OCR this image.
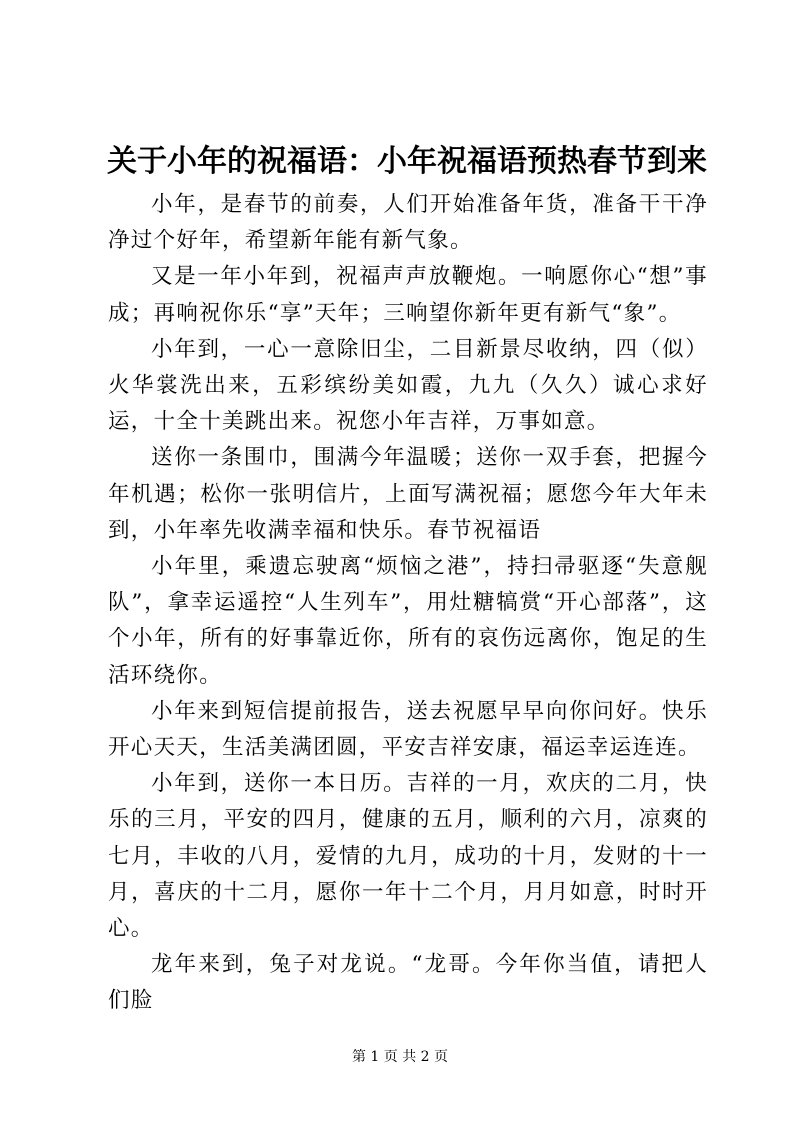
关于小年的祝福语：小年祝福语预热春节到来

小年，是春节的前奏，人们开始准备年货，准备干干净净过个好年，希望新年能有新气象。

又是一年小年到，祝福声声放鞭炮。一响愿你心“想”事成；再响祝你乐“享”天年；三响望你新年更有新气“象”。

小年到，一心一意除旧尘，二目新景尽收纳，四（似）火华裳洗出来，五彩缤纷美如霞，九九（久久）诚心求好运，十全十美跳出来。祝您小年吉祥，万事如意。

送你一条围巾，围满今年温暖；送你一双手套，把握今年机遇；松你一张明信片，上面写满祝福；愿您今年大年未到，小年率先收满幸福和快乐。春节祝福语

小年里，乘遗忘驶离“烦恼之港”，持扫帚驱逐“失意舰队”，拿幸运遥控“人生列车”，用灶糖犒赏“开心部落”，这个小年，所有的好事靠近你，所有的哀伤远离你，饱足的生活环绕你。

小年来到短信提前报告，送去祝愿早早向你问好。快乐开心天天，生活美满团圆，平安吉祥安康，福运幸运连连。

小年到，送你一本日历。吉祥的一月，欢庆的二月，快乐的三月，平安的四月，健康的五月，顺利的六月，凉爽的七月，丰收的八月，爱情的九月，成功的十月，发财的十一月，喜庆的十二月，愿你一年十二个月，月月如意，时时开心。

龙年来到，兔子对龙说。“龙哥。今年你当值，请把人们脸

第 1 页 共 2 页
